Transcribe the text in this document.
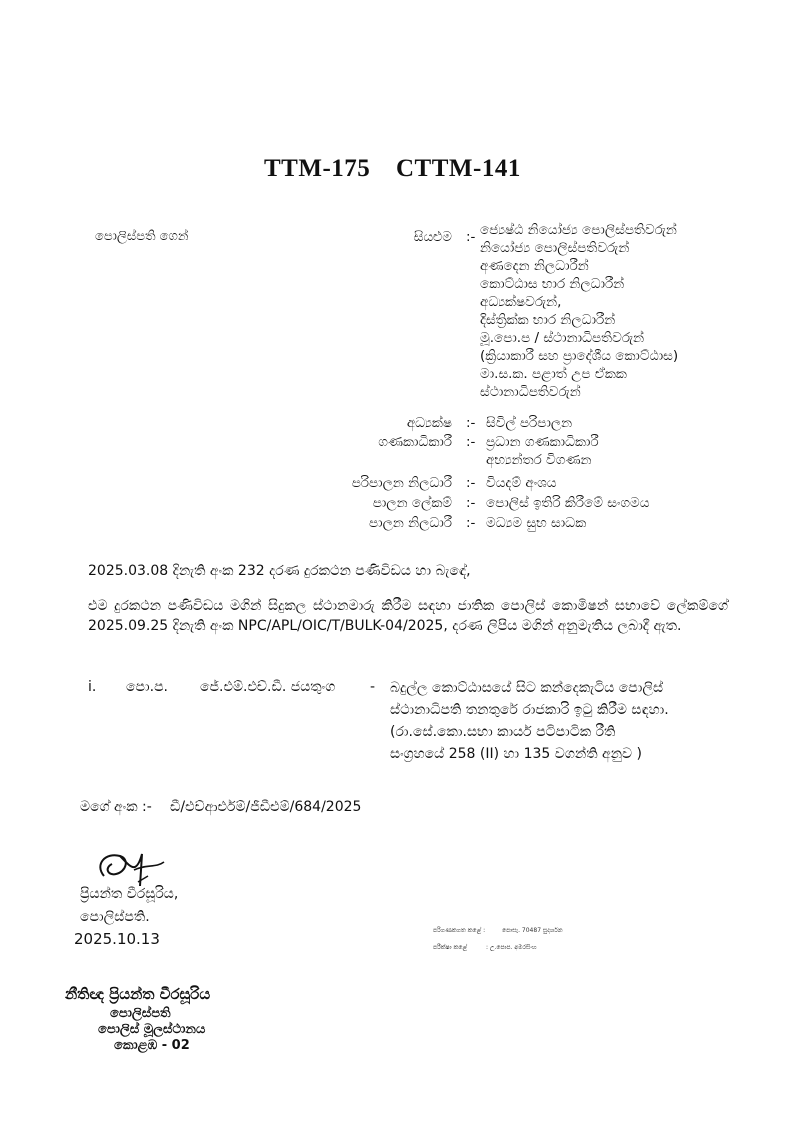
TTM-175 CTTM-141
පොලිස්පති ගෙන්	සියළුම :- ජ්‍යෙෂ්ඨ නියෝජ්‍ය පොලිස්පතිවරුන්
නියෝජ්‍ය පොලිස්පතිවරුන්
අණදෙන නිලධාරීන්
කොට්ඨාස භාර නිලධාරීන්
අධ්‍යක්ෂවරුන්,
දිස්ත්‍රික්ක භාර නිලධාරීන්
මූ.පො.ප / ස්ථානාධිපතිවරුන්
(ක්‍රියාකාරී සහ ප්‍රාදේශීය කොට්ඨාස)
මා.ස.ක. පළාත් උප ඒකක
ස්ථානාධිපතිවරුන්
අධ්‍යක්ෂ :- සිවිල් පරිපාලන
ගණකාධිකාරී :- ප්‍රධාන ගණකාධිකාරී
අභ්‍යන්තර විගණන
පරිපාලන නිලධාරී :- වියදම් අංශය
පාලන ලේකම් :- පොලිස් ඉතිරි කිරීමේ සංගමය
පාලන නිලධාරී :- මධ්‍යම සුභ සාධක
2025.03.08 දිනැති අංක 232 දරණ දුරකථන පණිවිඩය හා බැඳේ,
එම දුරකථන පණිවිඩය මගින් සිදුකල ස්ථානමාරු කිරීම සඳහා ජාතික පොලිස් කොමිෂන් සභාවේ ලේකම්ගේ 2025.09.25 දිනැති අංක NPC/APL/OIC/T/BULK-04/2025, දරණ ලිපිය මගින් අනුමැතිය ලබාදී ඇත.
i. පො.ප. ජේ.එම්.එච්.ඩී. ජයතුංග - බදුල්ල කොට්ඨාසයේ සිට කන්දෙකැටිය පොලිස්
ස්ථානාධිපති තනතුරේ රාජකාරි ඉටු කිරීම සඳහා.
(රා.සේ.කො.සභා කාර්ය පටිපාටික රීති
සංග්‍රහයේ 258 (II) හා 135 වගන්ති අනුව )
මගේ අංක :- ඩී/එච්ආර්එම්/ජීඩීඑම්/684/2025
ප්‍රියන්ත වීරසූරිය,
පොලිස්පති.
2025.10.13	පරිගණකගත කළේ :	පොසැ. 70487 සුදර්ශන
පරීක්ෂා කළේ	: උ.පොප. අමරසිංහ
නීතිඥ ප්‍රියන්ත වීරසූරිය
පොලිස්පති
පොලිස් මූලස්ථානය
කොළඹ - 02
